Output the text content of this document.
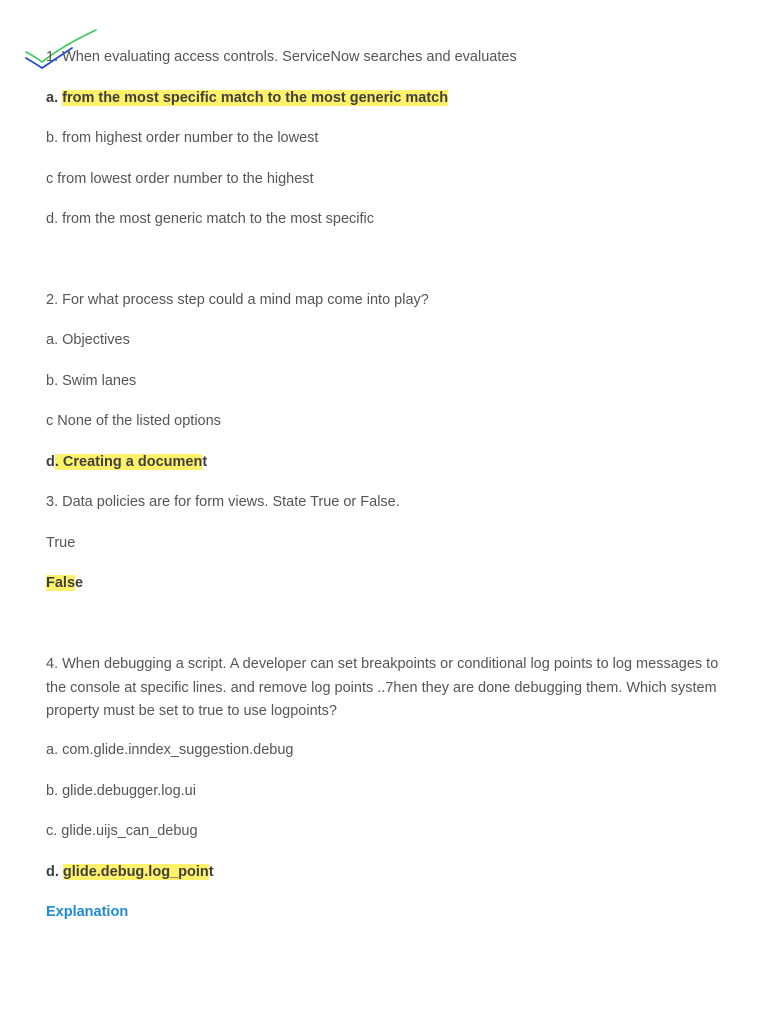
1. When evaluating access controls. ServiceNow searches and evaluates
a. from the most specific match to the most generic match
b. from highest order number to the lowest
c from lowest order number to the highest
d. from the most generic match to the most specific
2. For what process step could a mind map come into play?
a. Objectives
b. Swim lanes
c None of the listed options
d. Creating a document
3. Data policies are for form views. State True or False.
True
False
4. When debugging a script. A developer can set breakpoints or conditional log points to log messages to the console at specific lines. and remove log points ..7hen they are done debugging them. Which system property must be set to true to use logpoints?
a. com.glide.inndex_suggestion.debug
b. glide.debugger.log.ui
c. glide.uijs_can_debug
d. glide.debug.log_point
Explanation
